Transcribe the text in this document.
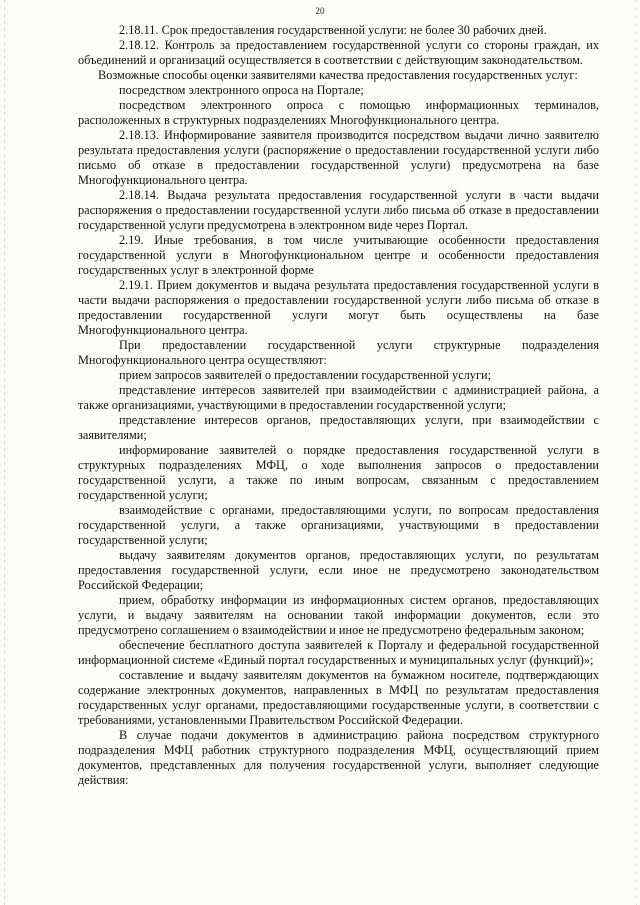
20

2.18.11. Срок предоставления государственной услуги: не более 30 рабочих дней.

2.18.12. Контроль за предоставлением государственной услуги со стороны граждан, их объединений и организаций осуществляется в соответствии с действующим законодательством.

Возможные способы оценки заявителями качества предоставления государственных услуг:

посредством электронного опроса на Портале;

посредством электронного опроса с помощью информационных терминалов, расположенных в структурных подразделениях Многофункционального центра.

2.18.13. Информирование заявителя производится посредством выдачи лично заявителю результата предоставления услуги (распоряжение о предоставлении государственной услуги либо письмо об отказе в предоставлении государственной услуги) предусмотрена на базе Многофункционального центра.

2.18.14. Выдача результата предоставления государственной услуги в части выдачи распоряжения о предоставлении государственной услуги либо письма об отказе в предоставлении государственной услуги предусмотрена в электронном виде через Портал.

2.19. Иные требования, в том числе учитывающие особенности предоставления государственной услуги в Многофункциональном центре и особенности предоставления государственных услуг в электронной форме

2.19.1. Прием документов и выдача результата предоставления государственной услуги в части выдачи распоряжения о предоставлении государственной услуги либо письма об отказе в предоставлении государственной услуги могут быть осуществлены на базе Многофункционального центра.

При предоставлении государственной услуги структурные подразделения Многофункционального центра осуществляют:

прием запросов заявителей о предоставлении государственной услуги;

представление интересов заявителей при взаимодействии с администрацией района, а также организациями, участвующими в предоставлении государственной услуги;

представление интересов органов, предоставляющих услуги, при взаимодействии с заявителями;

информирование заявителей о порядке предоставления государственной услуги в структурных подразделениях МФЦ, о ходе выполнения запросов о предоставлении государственной услуги, а также по иным вопросам, связанным с предоставлением государственной услуги;

взаимодействие с органами, предоставляющими услуги, по вопросам предоставления государственной услуги, а также организациями, участвующими в предоставлении государственной услуги;

выдачу заявителям документов органов, предоставляющих услуги, по результатам предоставления государственной услуги, если иное не предусмотрено законодательством Российской Федерации;

прием, обработку информации из информационных систем органов, предоставляющих услуги, и выдачу заявителям на основании такой информации документов, если это предусмотрено соглашением о взаимодействии и иное не предусмотрено федеральным законом;

обеспечение бесплатного доступа заявителей к Порталу и федеральной государственной информационной системе «Единый портал государственных и муниципальных услуг (функций)»;

составление и выдачу заявителям документов на бумажном носителе, подтверждающих содержание электронных документов, направленных в МФЦ по результатам предоставления государственных услуг органами, предоставляющими государственные услуги, в соответствии с требованиями, установленными Правительством Российской Федерации.

В случае подачи документов в администрацию района посредством структурного подразделения МФЦ работник структурного подразделения МФЦ, осуществляющий прием документов, представленных для получения государственной услуги, выполняет следующие действия:
